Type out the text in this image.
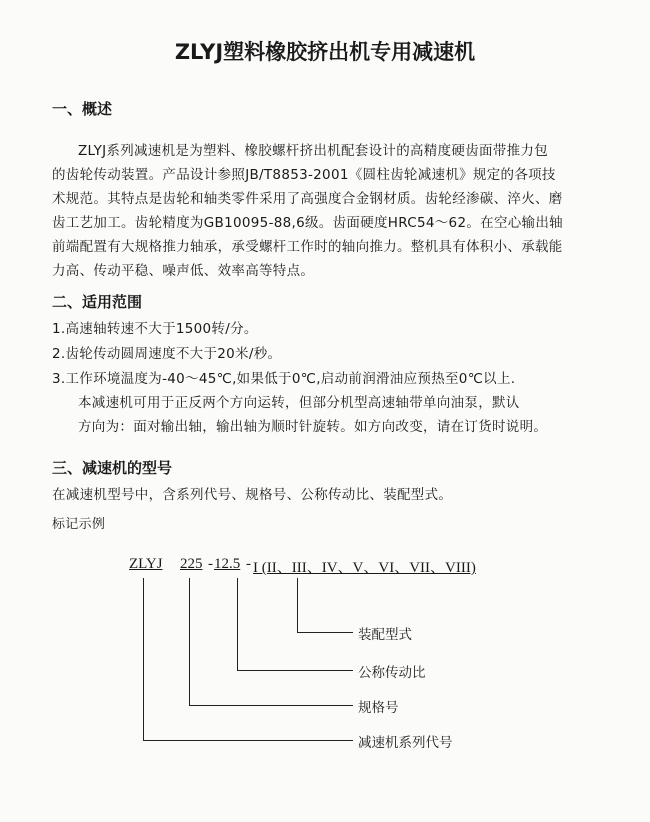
ZLYJ塑料橡胶挤出机专用减速机
一、概述
ZLYJ系列减速机是为塑料、橡胶螺杆挤出机配套设计的高精度硬齿面带推力包
的齿轮传动装置。产品设计参照JB/T8853-2001《圆柱齿轮减速机》规定的各项技
术规范。其特点是齿轮和轴类零件采用了高强度合金钢材质。齿轮经渗碳、淬火、磨
齿工艺加工。齿轮精度为GB10095-88,6级。齿面硬度HRC54～62。在空心输出轴
前端配置有大规格推力轴承，承受螺杆工作时的轴向推力。整机具有体积小、承载能
力高、传动平稳、噪声低、效率高等特点。
二、适用范围
1.高速轴转速不大于1500转/分。
2.齿轮传动圆周速度不大于20米/秒。
3.工作环境温度为-40～45℃,如果低于0℃,启动前润滑油应预热至0℃以上.
本减速机可用于正反两个方向运转，但部分机型高速轴带单向油泵，默认
方向为：面对输出轴，输出轴为顺时针旋转。如方向改变，请在订货时说明。
三、减速机的型号
在减速机型号中，含系列代号、规格号、公称传动比、装配型式。
标记示例
ZLYJ 225 - 12.5 - I (II、III、IV、V、VI、VII、VIII)
装配型式
公称传动比
规格号
减速机系列代号
